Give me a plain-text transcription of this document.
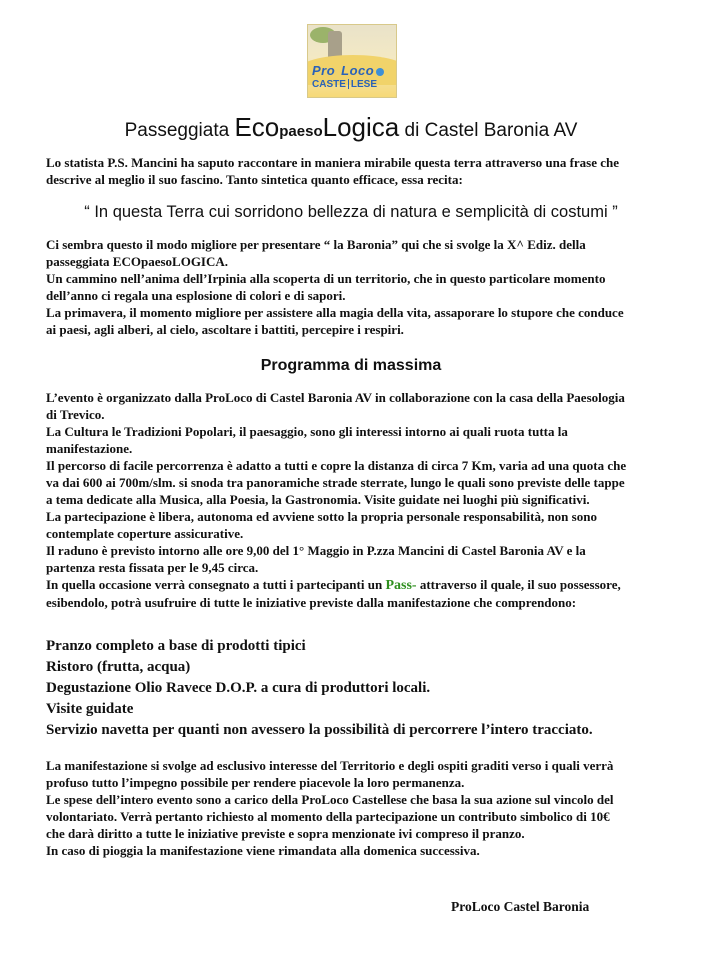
Pro Loco
CASTE LESE
Passeggiata EcopaesoLogica di Castel Baronia AV
Lo statista P.S. Mancini ha saputo raccontare in maniera mirabile questa terra attraverso una frase che
descrive al meglio il suo fascino. Tanto sintetica quanto efficace, essa recita:
“ In questa Terra cui sorridono bellezza di natura e semplicità di costumi ”
Ci sembra questo il modo migliore per presentare “ la Baronia” qui che si svolge la X^ Ediz. della
passeggiata ECOpaesoLOGICA.
Un cammino nell’anima dell’Irpinia alla scoperta di un territorio, che in questo particolare momento
dell’anno ci regala una esplosione di colori e di sapori.
La primavera, il momento migliore per assistere alla magia della vita, assaporare lo stupore che conduce
ai paesi, agli alberi, al cielo, ascoltare i battiti, percepire i respiri.
Programma di massima
L’evento è organizzato dalla ProLoco di Castel Baronia AV in collaborazione con la casa della Paesologia
di Trevico.
La Cultura le Tradizioni Popolari, il paesaggio, sono gli interessi intorno ai quali ruota tutta la
manifestazione.
Il percorso di facile percorrenza è adatto a tutti e copre la distanza di circa 7 Km, varia ad una quota che
va dai 600 ai 700m/slm. si snoda tra panoramiche strade sterrate, lungo le quali sono previste delle tappe
a tema dedicate alla Musica, alla Poesia, la Gastronomia. Visite guidate nei luoghi più significativi.
La partecipazione è libera, autonoma ed avviene sotto la propria personale responsabilità, non sono
contemplate coperture assicurative.
Il raduno è previsto intorno alle ore 9,00 del 1° Maggio in P.zza Mancini di Castel Baronia AV e la
partenza resta fissata per le 9,45 circa.
In quella occasione verrà consegnato a tutti i partecipanti un Pass- attraverso il quale, il suo possessore,
esibendolo, potrà usufruire di tutte le iniziative previste dalla manifestazione che comprendono:
Pranzo completo a base di prodotti tipici
Ristoro (frutta, acqua)
Degustazione Olio Ravece D.O.P. a cura di produttori locali.
Visite guidate
Servizio navetta per quanti non avessero la possibilità di percorrere l’intero tracciato.
La manifestazione si svolge ad esclusivo interesse del Territorio e degli ospiti graditi verso i quali verrà
profuso tutto l’impegno possibile per rendere piacevole la loro permanenza.
Le spese dell’intero evento sono a carico della ProLoco Castellese che basa la sua azione sul vincolo del
volontariato. Verrà pertanto richiesto al momento della partecipazione un contributo simbolico di 10€
che darà diritto a tutte le iniziative previste e sopra menzionate ivi compreso il pranzo.
In caso di pioggia la manifestazione viene rimandata alla domenica successiva.
ProLoco Castel Baronia
